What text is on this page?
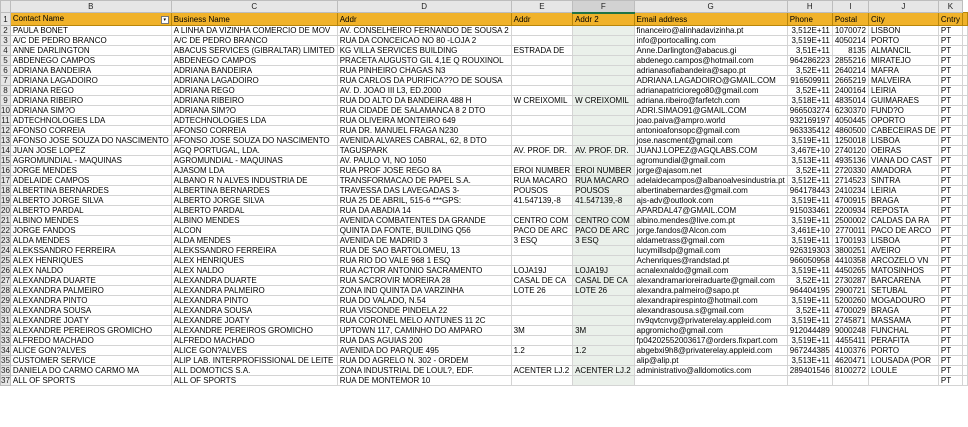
	B	C	D	E	F	G	H	I	J	K	
1	Contact Name ▾	Business Name	Addr	Addr	Addr 2	Email address	Phone	Postal	City	Cntry	
2	PAULA BONET	A LINHA DA VIZINHA COMERCIO DE MOV	AV. CONSELHEIRO FERNANDO DE SOUSA 2			financeiro@alinhadavizinha.pt	3,512E+11	1070072	LISBON	PT	
3	A/C DE PEDRO BRANCO	A/C DE PEDRO BRANCO	RUA DA CONCEICAO NO 80 -LOJA 2			info@portocalling.com	3,519E+11	4050214	PORTO	PT	
4	ANNE DARLINGTON	ABACUS SERVICES (GIBRALTAR) LIMITED	KG VILLA SERVICES BUILDING	ESTRADA DE		Anne.Darlington@abacus.gi	3,51E+11	8135	ALMANCIL	PT	
5	ABDENEGO CAMPOS	ABDENEGO CAMPOS	PRACETA AUGUSTO GIL 4,1E Q ROUXINOL			abdenego.campos@hotmail.com	964286223	2855216	MIRATEJO	PT	
6	ADRIANA BANDEIRA	ADRIANA BANDEIRA	RUA PINHEIRO CHAGAS N3			adrianasofiabandeira@sapo.pt	3,52E+11	2640214	MAFRA	PT	
7	ADRIANA LAGADOIRO	ADRIANA LAGADOIRO	RUA CARLOS DA PURIFICA??O DE SOUSA			ADRIANA.LAGADOIRO@GMAIL.COM	916509911	2665219	MALVEIRA	PT	
8	ADRIANA REGO	ADRIANA REGO	AV. D. JOAO III L3, ED.2000			adrianapatriciorego80@gmail.com	3,52E+11	2400164	LEIRIA	PT	
9	ADRIANA RIBEIRO	ADRIANA RIBEIRO	RUA DO ALTO DA BANDEIRA 488 H	W CREIXOMIL	W CREIXOMIL	adriana.ribeiro@farfetch.com	3,518E+11	4835014	GUIMARAES	PT	
10	ADRIANA SIM?O	ADRIANA SIM?O	RUA CIDADE DE SALAMANCA 8 2 DTO			ADRI.SIMAO91@GMAIL.COM	966503274	6230370	FUND?O	PT	
11	ADTECHNOLOGIES LDA	ADTECHNOLOGIES LDA	RUA OLIVEIRA MONTEIRO 649			joao.paiva@ampro.world	932169197	4050445	OPORTO	PT	
12	AFONSO CORREIA	AFONSO CORREIA	RUA DR. MANUEL FRAGA N230			antonioafonsopc@gmail.com	963335412	4860500	CABECEIRAS DE	PT	
13	AFONSO JOSE SOUZA DO NASCIMENTO	AFONSO JOSE SOUZA DO NASCIMENTO	AVENIDA ALVARES CABRAL, 62, 8 DTO			jose.nascment@gmail.com	3,519E+11	1250018	LISBOA	PT	
14	JUAN JOSE LOPEZ	AGQ PORTUGAL, LDA.	TAGUSPARK	AV. PROF. DR.	AV. PROF. DR.	JUANJ.LOPEZ@AGQLABS.COM	3,467E+10	2740120	OEIRAS	PT	
15	AGROMUNDIAL - MAQUINAS	AGROMUNDIAL - MAQUINAS	AV. PAULO VI, NO 1050			agromundial@gmail.com	3,513E+11	4935136	VIANA DO CAST	PT	
16	JORGE MENDES	AJASOM LDA	RUA PROF JOSE REGO 8A	EROI NUMBER	EROI NUMBER	jorge@ajasom.net	3,52E+11	2720330	AMADORA	PT	
17	ADELAIDE CAMPOS	ALBANO R N ALVES INDUSTRIA DE	TRANSFORMACAO DE PAPEL S.A.	RUA MACARO	RUA MACARO	adelaidecampos@albanoalvesindustria.pt	3,512E+11	2714523	SINTRA	PT	
18	ALBERTINA BERNARDES	ALBERTINA BERNARDES	TRAVESSA DAS LAVEGADAS 3-	POUSOS	POUSOS	albertinabernardes@gmail.com	964178443	2410234	LEIRIA	PT	
19	ALBERTO JORGE SILVA	ALBERTO JORGE SILVA	RUA 25 DE ABRIL, 515-6 ***GPS:	41.547139,-8	41.547139,-8	ajs-adv@outlook.com	3,519E+11	4700915	BRAGA	PT	
20	ALBERTO PARDAL	ALBERTO PARDAL	RUA DA ABADIA 14			APARDAL47@GMAIL.COM	915033461	2200934	REPOSTA	PT	
21	ALBINO MENDES	ALBINO MENDES	AVENIDA COMBATENTES DA GRANDE	CENTRO COM	CENTRO COM	albino.mendes@live.com.pt	3,519E+11	2500002	CALDAS DA RA	PT	
22	JORGE FANDOS	ALCON	QUINTA DA FONTE, BUILDING Q56	PACO DE ARC	PACO DE ARC	jorge.fandos@Alcon.com	3,461E+10	2770011	PACO DE ARCO	PT	
23	ALDA MENDES	ALDA MENDES	AVENIDA DE MADRID 3	3 ESQ	3 ESQ	aldametrass@gmail.com	3,519E+11	1700193	LISBOA	PT	
24	ALEKSSANDRO FERREIRA	ALEKSSANDRO FERREIRA	RUA DE SAO BARTOLOMEU, 13			lucymillsdp@gmail.com	926319303	3800251	AVEIRO	PT	
25	ALEX HENRIQUES	ALEX HENRIQUES	RUA RIO DO VALE 968 1 ESQ			Achenriques@randstad.pt	966050958	4410358	ARCOZELO VN	PT	
26	ALEX NALDO	ALEX NALDO	RUA ACTOR ANTONIO SACRAMENTO	LOJA19J	LOJA19J	acnalexnaldo@gmail.com	3,519E+11	4450265	MATOSINHOS	PT	
27	ALEXANDRA DUARTE	ALEXANDRA DUARTE	RUA SACROVIR MOREIRA 28	CASAL DE CA	CASAL DE CA	alexandramarioreiraduarte@gmail.com	3,52E+11	2730287	BARCARENA	PT	
28	ALEXANDRA PALMEIRO	ALEXANDRA PALMEIRO	ZONA IND QUINTA DA VARZINHA	LOTE 26	LOTE 26	alexandra.palmeiro@sapo.pt	964404195	2900721	SETUBAL	PT	
29	ALEXANDRA PINTO	ALEXANDRA PINTO	RUA DO VALADO, N.54			alexandrapirespinto@hotmail.com	3,519E+11	5200260	MOGADOURO	PT	
30	ALEXANDRA SOUSA	ALEXANDRA SOUSA	RUA VISCONDE PINDELA 22			alexandrasousa.s@gmail.com	3,52E+11	4700029	BRAGA	PT	
31	ALEXANDRE JOATY	ALEXANDRE JOATY	RUA CORONEL MELO ANTUNES 11 2C			nv9qvtcnvg@privaterelay.appleid.com	3,519E+11	2745871	MASSAMA	PT	
32	ALEXANDRE PEREIROS GROMICHO	ALEXANDRE PEREIROS GROMICHO	UPTOWN 117, CAMINHO DO AMPARO	3M	3M	apgromicho@gmail.com	912044489	9000248	FUNCHAL	PT	
33	ALFREDO MACHADO	ALFREDO MACHADO	RUA DAS AGUIAS 200			fp04202552003617@orders.fixpart.com	3,519E+11	4455411	PERAFITA	PT	
34	ALICE GON?ALVES	ALICE GON?ALVES	AVENIDA DO PARQUE 495	1.2	1.2	abgebxi9h8@privaterelay.appleid.com	967244385	4100376	PORTO	PT	
35	CUSTOMER SERVICE	ALIP LAB. INTERPROFISSIONAL DE LEITE	RUA DO AGRELO N. 302 - ORDEM			alip@alip.pt	3,513E+11	4620471	LOUSADA (POR	PT	
36	DANIELA DO CARMO CARMO MA	ALL DOMOTICS S.A.	ZONA INDUSTRIAL DE LOUL?, EDF.	ACENTER LJ.2	ACENTER LJ.2	administrativo@alldomotics.com	289401546	8100272	LOULE	PT	
37	ALL OF SPORTS	ALL OF SPORTS	RUA DE MONTEMOR 10							PT	
